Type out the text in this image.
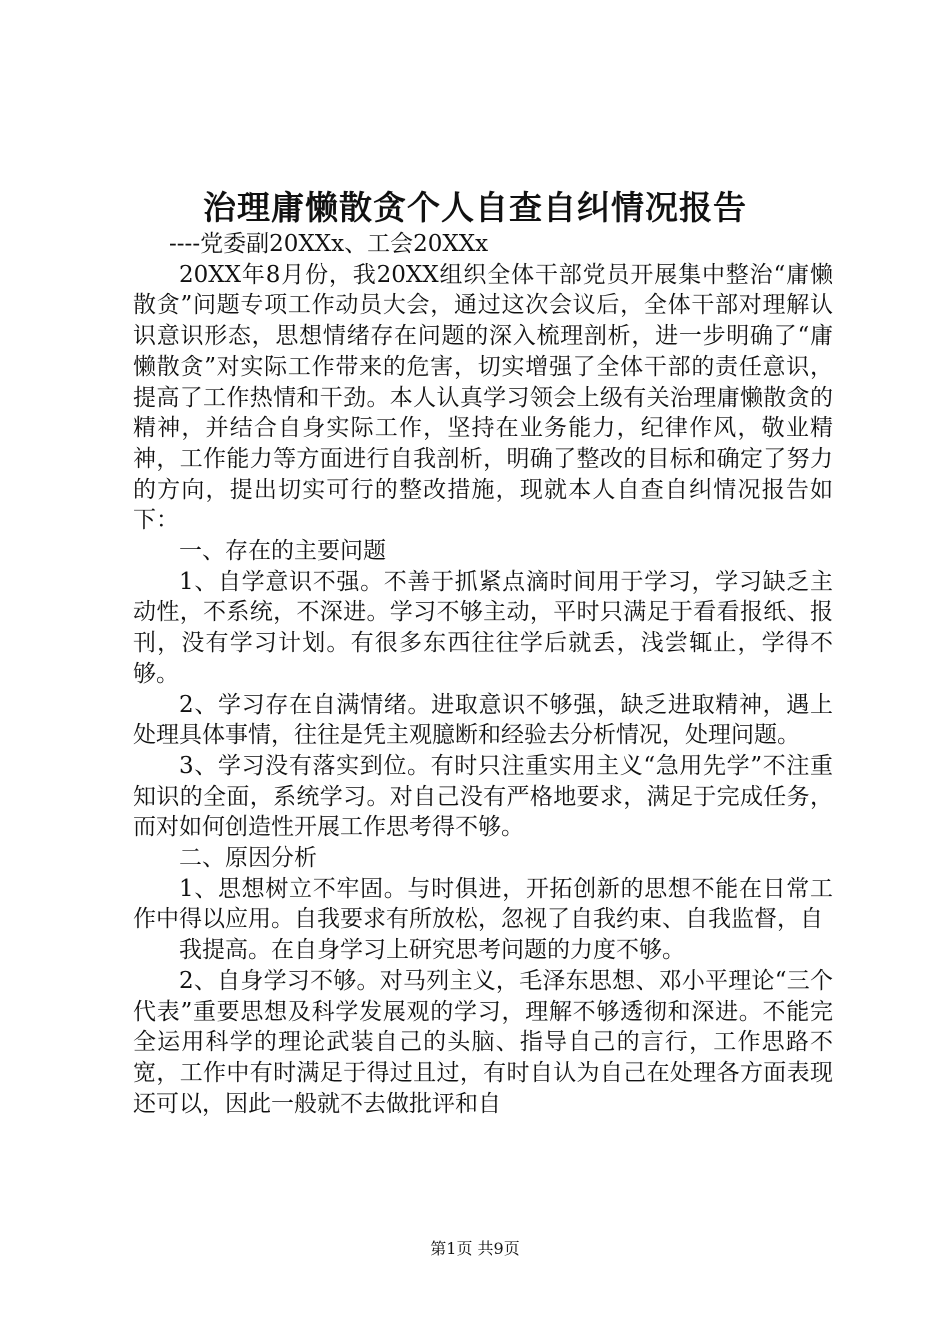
治理庸懒散贪个人自查自纠情况报告

----党委副20XXx、工会20XXx

20XX年8月份，我20XX组织全体干部党员开展集中整治“庸懒散贪”问题专项工作动员大会，通过这次会议后，全体干部对理解认识意识形态，思想情绪存在问题的深入梳理剖析，进一步明确了“庸懒散贪”对实际工作带来的危害，切实增强了全体干部的责任意识，提高了工作热情和干劲。本人认真学习领会上级有关治理庸懒散贪的精神，并结合自身实际工作，坚持在业务能力，纪律作风，敬业精神，工作能力等方面进行自我剖析，明确了整改的目标和确定了努力的方向，提出切实可行的整改措施，现就本人自查自纠情况报告如下：

一、存在的主要问题

1、自学意识不强。不善于抓紧点滴时间用于学习，学习缺乏主动性，不系统，不深进。学习不够主动，平时只满足于看看报纸、报刊，没有学习计划。有很多东西往往学后就丢，浅尝辄止，学得不够。

2、学习存在自满情绪。进取意识不够强，缺乏进取精神，遇上处理具体事情，往往是凭主观臆断和经验去分析情况，处理问题。

3、学习没有落实到位。有时只注重实用主义“急用先学”不注重知识的全面，系统学习。对自己没有严格地要求，满足于完成任务，而对如何创造性开展工作思考得不够。

二、原因分析

1、思想树立不牢固。与时俱进，开拓创新的思想不能在日常工作中得以应用。自我要求有所放松，忽视了自我约束、自我监督，自

我提高。在自身学习上研究思考问题的力度不够。

2、自身学习不够。对马列主义，毛泽东思想、邓小平理论“三个代表”重要思想及科学发展观的学习，理解不够透彻和深进。不能完全运用科学的理论武装自己的头脑、指导自己的言行，工作思路不宽，工作中有时满足于得过且过，有时自认为自己在处理各方面表现还可以，因此一般就不去做批评和自

第1页 共9页
